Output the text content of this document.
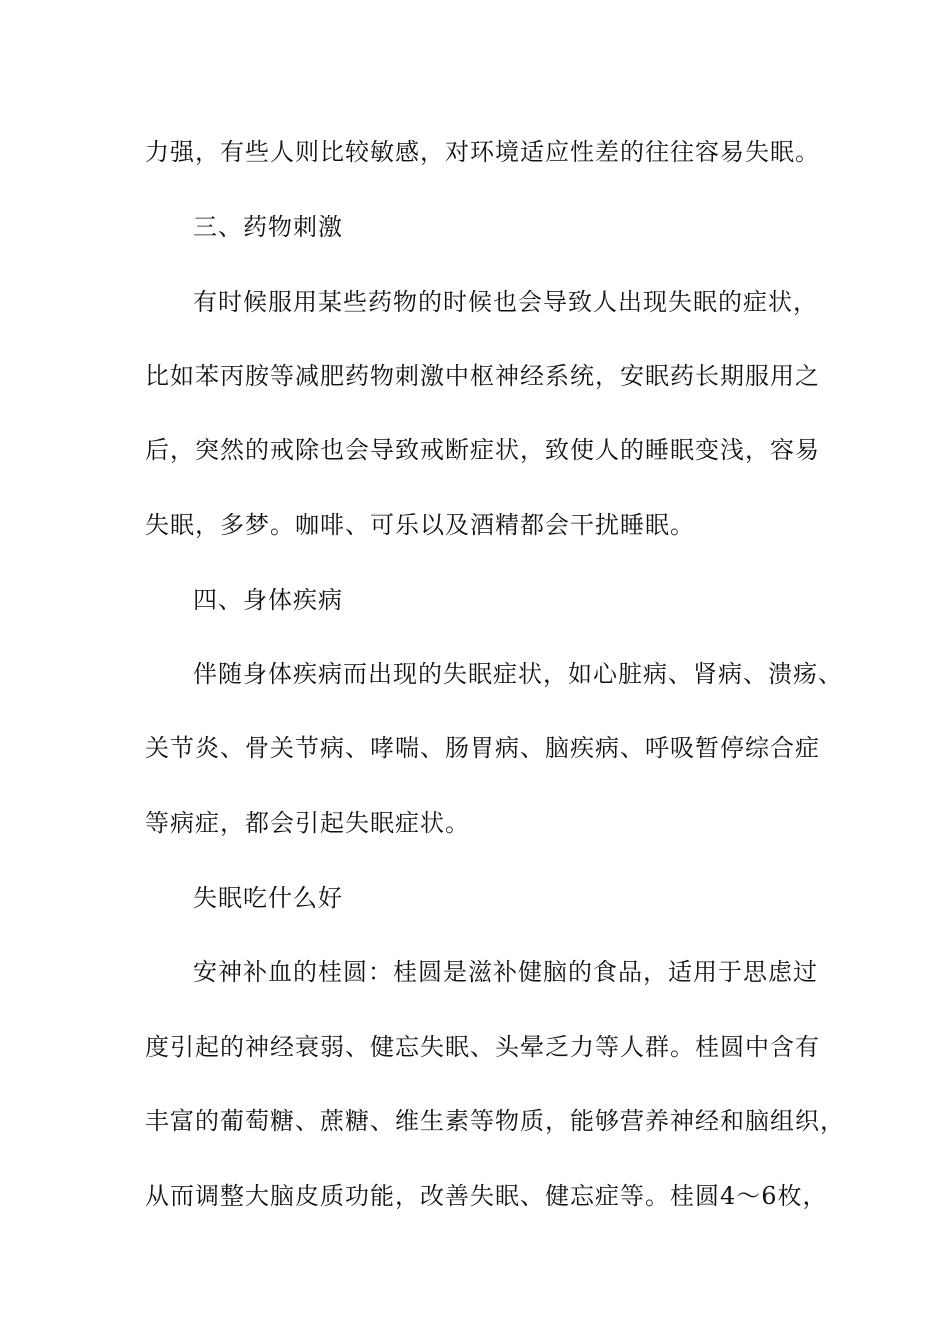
力强，有些人则比较敏感，对环境适应性差的往往容易失眠。
三、药物刺激
有时候服用某些药物的时候也会导致人出现失眠的症状，
比如苯丙胺等减肥药物刺激中枢神经系统，安眠药长期服用之
后，突然的戒除也会导致戒断症状，致使人的睡眠变浅，容易
失眠，多梦。咖啡、可乐以及酒精都会干扰睡眠。
四、身体疾病
伴随身体疾病而出现的失眠症状，如心脏病、肾病、溃疡、
关节炎、骨关节病、哮喘、肠胃病、脑疾病、呼吸暂停综合症
等病症，都会引起失眠症状。
失眠吃什么好
安神补血的桂圆：桂圆是滋补健脑的食品，适用于思虑过
度引起的神经衰弱、健忘失眠、头晕乏力等人群。桂圆中含有
丰富的葡萄糖、蔗糖、维生素等物质，能够营养神经和脑组织，
从而调整大脑皮质功能，改善失眠、健忘症等。桂圆4～6枚，
